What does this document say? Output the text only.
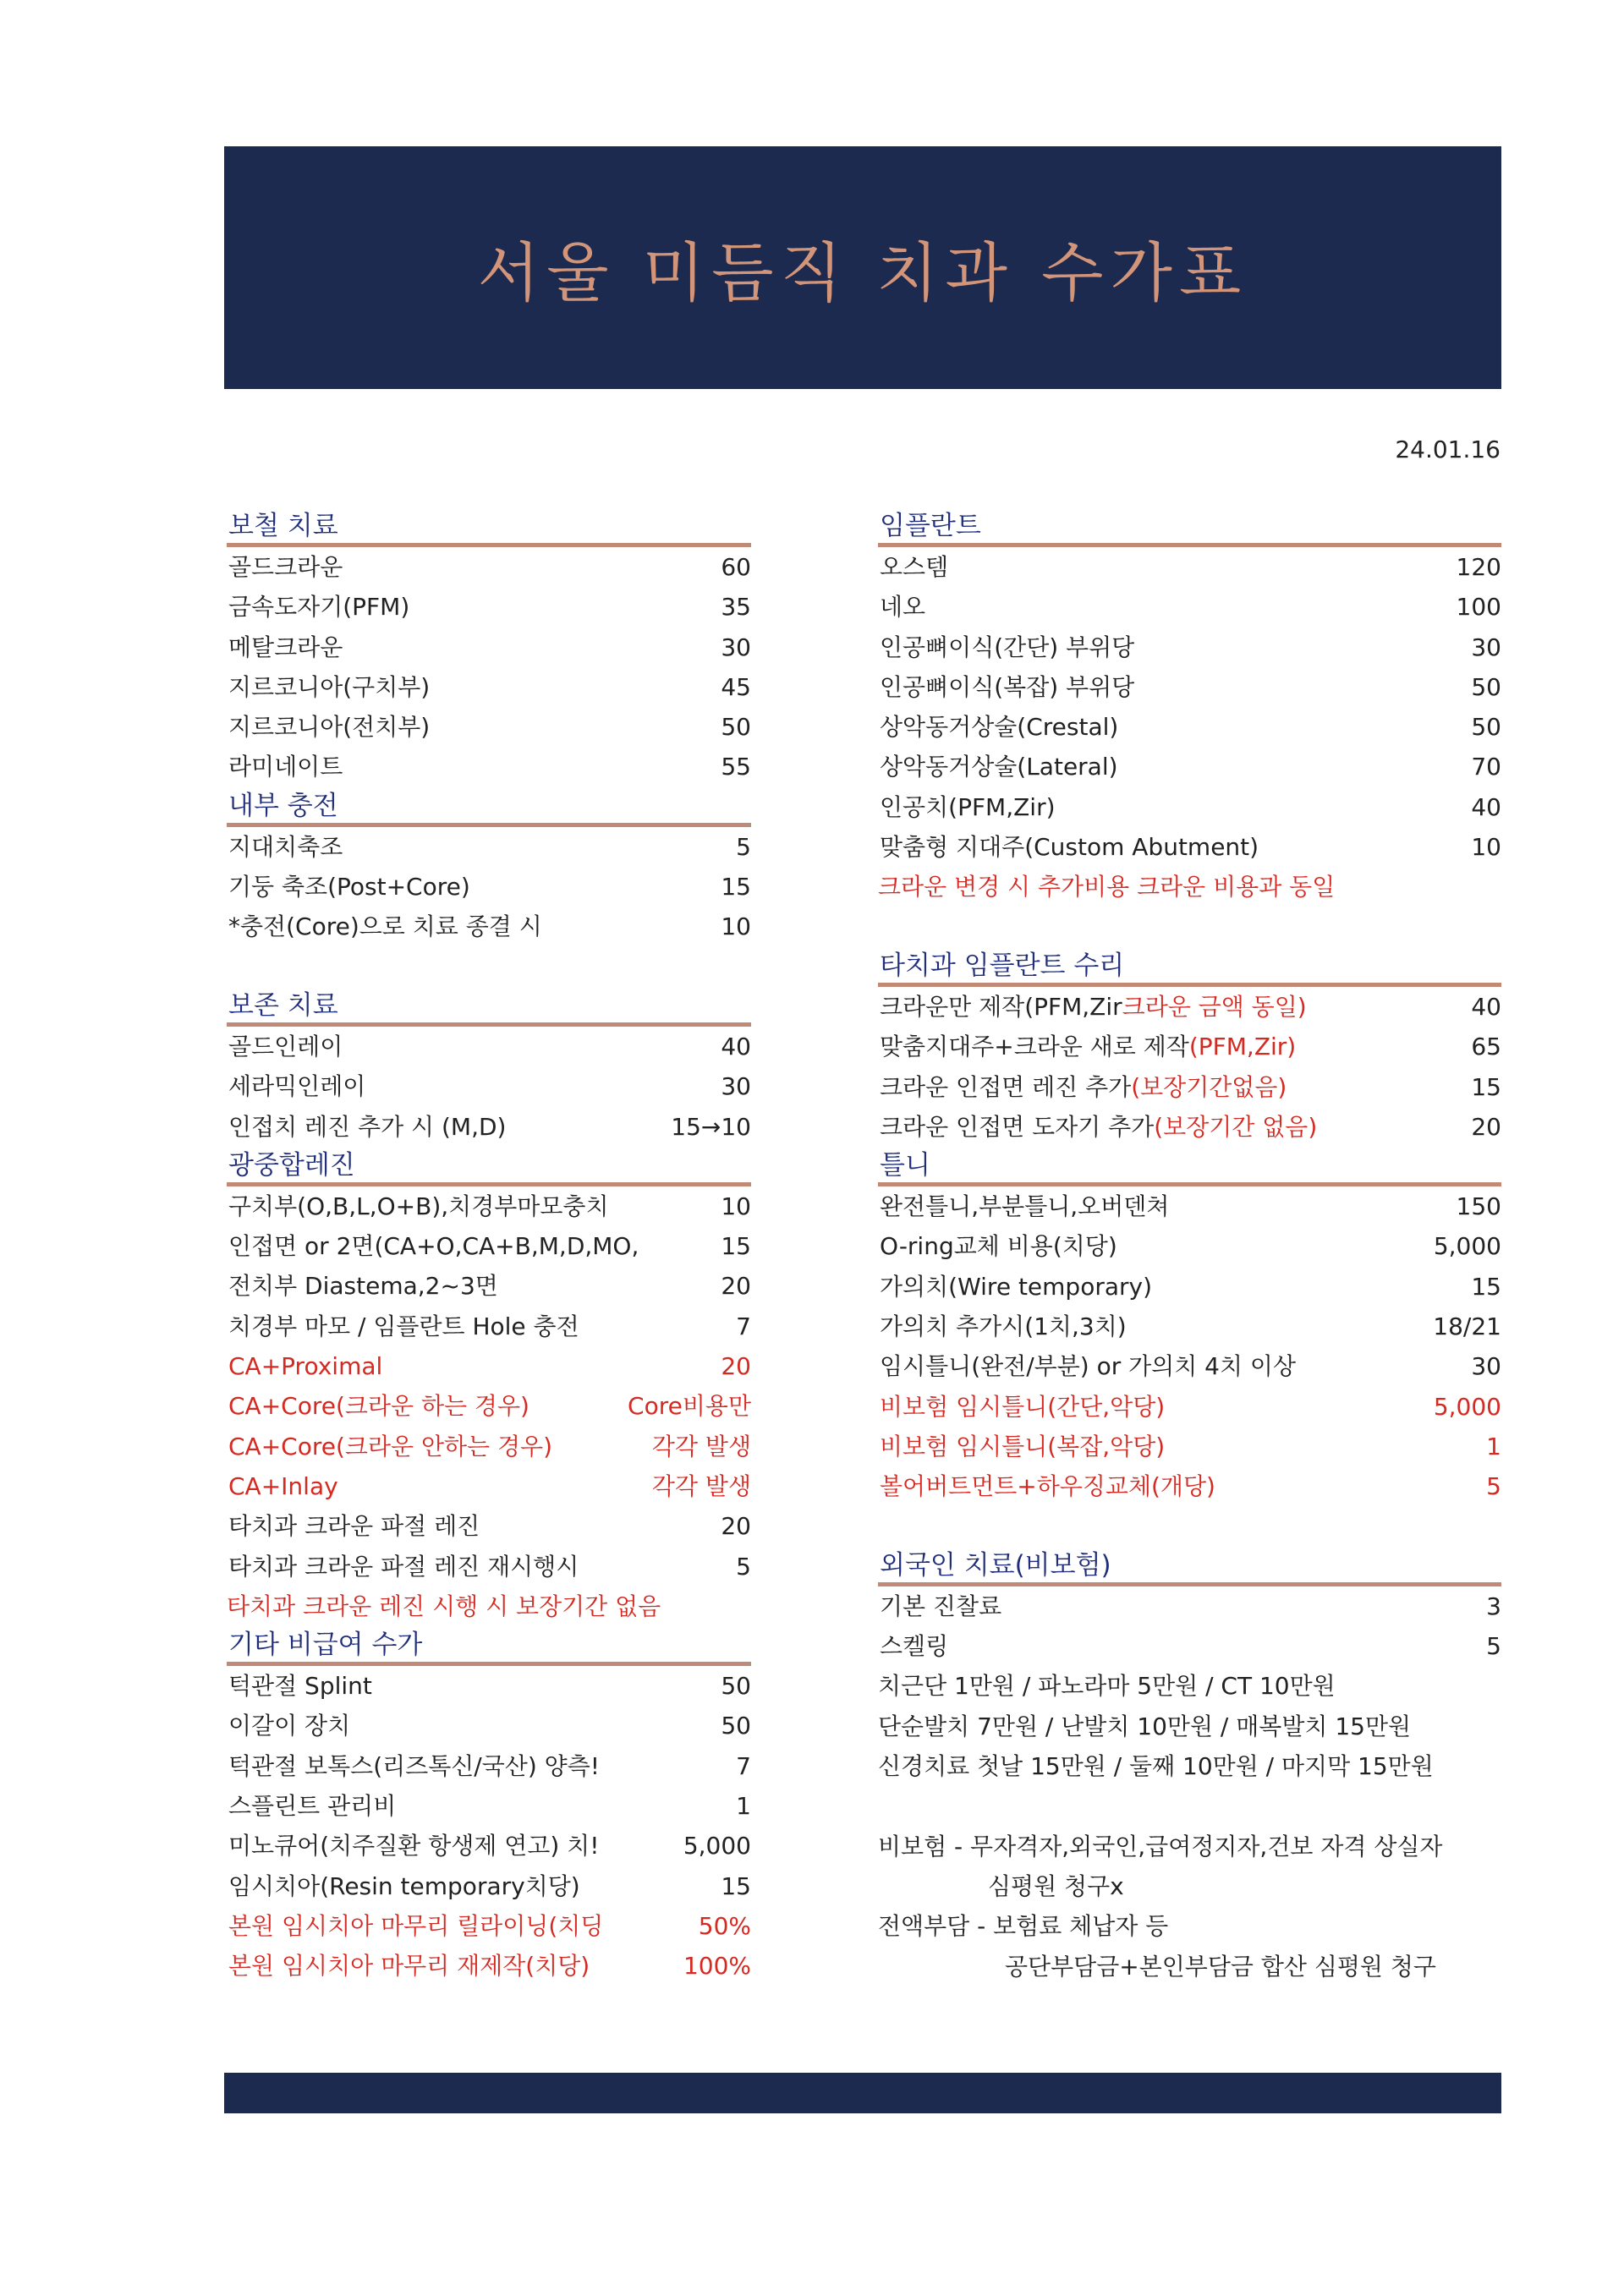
서울 미듬직 치과 수가표
24.01.16
보철 치료
골드크라운	60
금속도자기(PFM)	35
메탈크라운	30
지르코니아(구치부)	45
지르코니아(전치부)	50
라미네이트	55
내부 충전
지대치축조	5
기둥 축조(Post+Core)	15
*충전(Core)으로 치료 종결 시	10
보존 치료
골드인레이	40
세라믹인레이	30
인접치 레진 추가 시 (M,D)	15→10
광중합레진
구치부(O,B,L,O+B),치경부마모충치	10
인접면 or 2면(CA+O,CA+B,M,D,MO,	15
전치부 Diastema,2~3면	20
치경부 마모 / 임플란트 Hole 충전	7
CA+Proximal	20
CA+Core(크라운 하는 경우)	Core비용만
CA+Core(크라운 안하는 경우)	각각 발생
CA+Inlay	각각 발생
타치과 크라운 파절 레진	20
타치과 크라운 파절 레진 재시행시	5
타치과 크라운 레진 시행 시 보장기간 없음
기타 비급여 수가
턱관절 Splint	50
이갈이 장치	50
턱관절 보톡스(리즈톡신/국산) 양측!	7
스플린트 관리비	1
미노큐어(치주질환 항생제 연고) 치!	5,000
임시치아(Resin temporary치당)	15
본원 임시치아 마무리 릴라이닝(치딩	50%
본원 임시치아 마무리 재제작(치당)	100%
임플란트
오스템	120
네오	100
인공뼈이식(간단) 부위당	30
인공뼈이식(복잡) 부위당	50
상악동거상술(Crestal)	50
상악동거상술(Lateral)	70
인공치(PFM,Zir)	40
맞춤형 지대주(Custom Abutment)	10
크라운 변경 시 추가비용 크라운 비용과 동일
타치과 임플란트 수리
크라운만 제작(PFM,Zir크라운 금액 동일)	40
맞춤지대주+크라운 새로 제작(PFM,Zir)	65
크라운 인접면 레진 추가(보장기간없음)	15
크라운 인접면 도자기 추가(보장기간 없음)	20
틀니
완전틀니,부분틀니,오버덴쳐	150
O-ring교체 비용(치당)	5,000
가의치(Wire temporary)	15
가의치 추가시(1치,3치)	18/21
임시틀니(완전/부분) or 가의치 4치 이상	30
비보험 임시틀니(간단,악당)	5,000
비보험 임시틀니(복잡,악당)	1
볼어버트먼트+하우징교체(개당)	5
외국인 치료(비보험)
기본 진찰료	3
스켈링	5
치근단 1만원 / 파노라마 5만원 / CT 10만원
단순발치 7만원 / 난발치 10만원 / 매복발치 15만원
신경치료 첫날 15만원 / 둘째 10만원 / 마지막 15만원
비보험 - 무자격자,외국인,급여정지자,건보 자격 상실자
심평원 청구x
전액부담 - 보험료 체납자 등
공단부담금+본인부담금 합산 심평원 청구
